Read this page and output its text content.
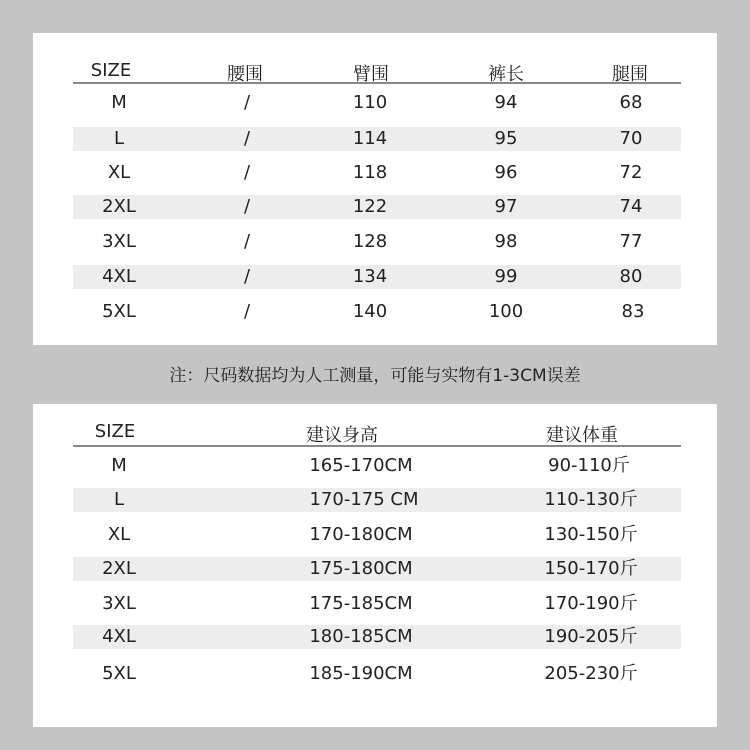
SIZE	腰围	臂围	裤长	腿围
M	/	110	94	68
L	/	114	95	70
XL	/	118	96	72
2XL	/	122	97	74
3XL	/	128	98	77
4XL	/	134	99	80
5XL	/	140	100	83
注：尺码数据均为人工测量，可能与实物有1-3CM误差
SIZE	建议身高	建议体重
M	165-170CM	90-110斤
L	170-175 CM	110-130斤
XL	170-180CM	130-150斤
2XL	175-180CM	150-170斤
3XL	175-185CM	170-190斤
4XL	180-185CM	190-205斤
5XL	185-190CM	205-230斤
